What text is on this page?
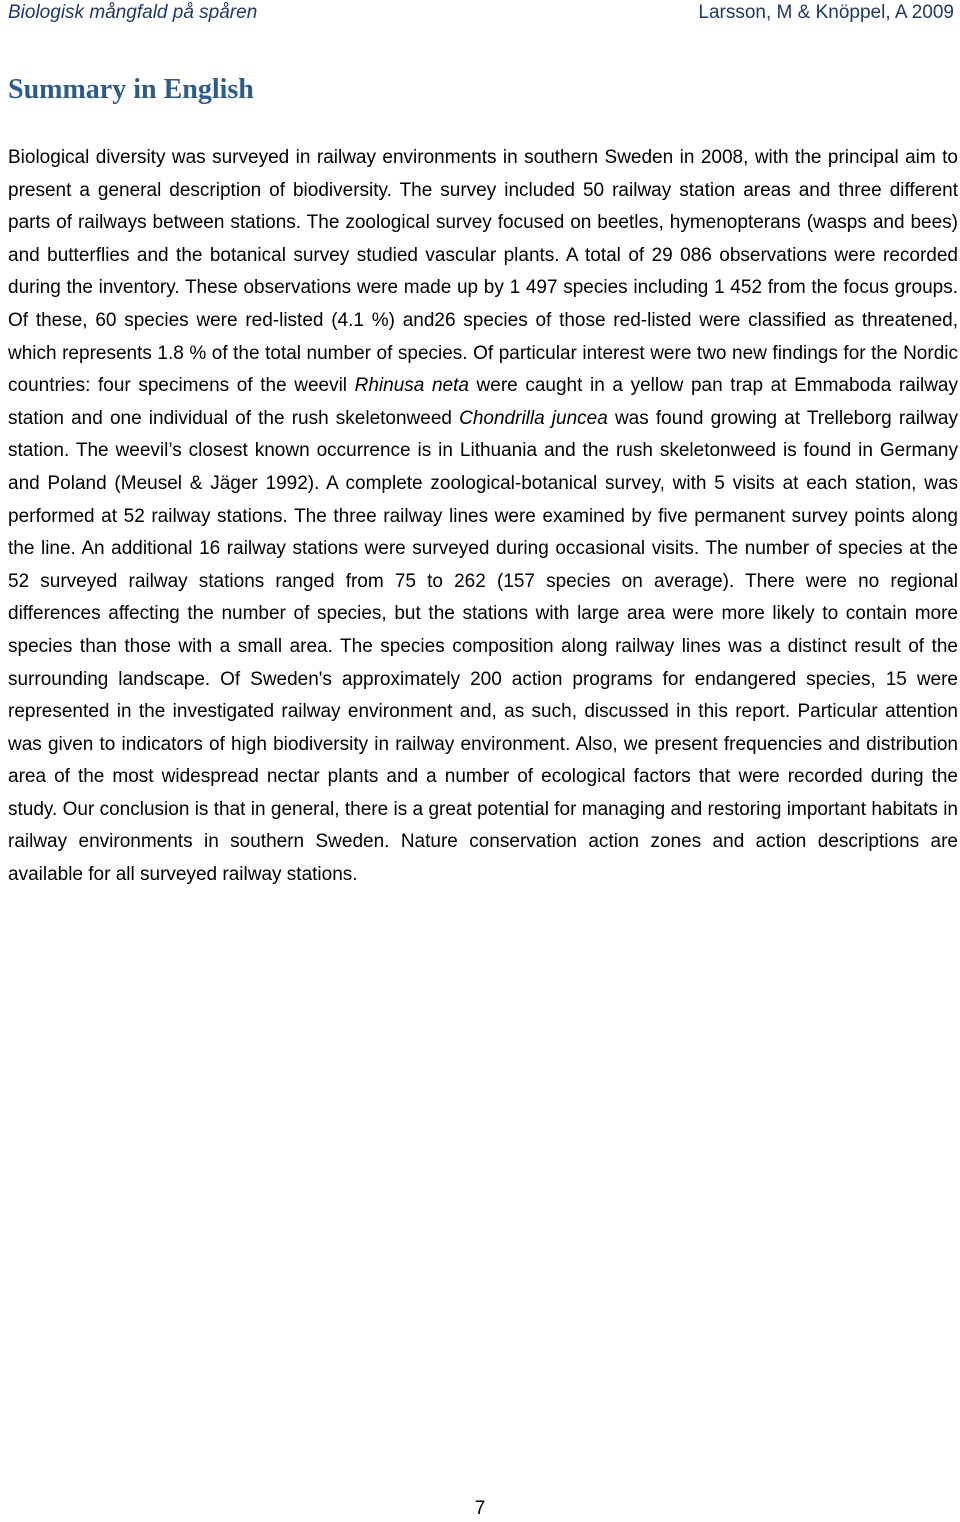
Biologisk mångfald på spåren	Larsson, M & Knöppel, A 2009
Summary in English

Biological diversity was surveyed in railway environments in southern Sweden in 2008, with the principal aim to present a general description of biodiversity. The survey included 50 railway station areas and three different parts of railways between stations. The zoological survey focused on beetles, hymenopterans (wasps and bees) and butterflies and the botanical survey studied vascular plants. A total of 29 086 observations were recorded during the inventory. These observations were made up by 1 497 species including 1 452 from the focus groups. Of these, 60 species were red-listed (4.1 %) and26 species of those red-listed were classified as threatened, which represents 1.8 % of the total number of species. Of particular interest were two new findings for the Nordic countries: four specimens of the weevil Rhinusa neta were caught in a yellow pan trap at Emmaboda railway station and one individual of the rush skeletonweed Chondrilla juncea was found growing at Trelleborg railway station. The weevil’s closest known occurrence is in Lithuania and the rush skeletonweed is found in Germany and Poland (Meusel & Jäger 1992). A complete zoological-botanical survey, with 5 visits at each station, was performed at 52 railway stations. The three railway lines were examined by five permanent survey points along the line. An additional 16 railway stations were surveyed during occasional visits. The number of species at the 52 surveyed railway stations ranged from 75 to 262 (157 species on average). There were no regional differences affecting the number of species, but the stations with large area were more likely to contain more species than those with a small area. The species composition along railway lines was a distinct result of the surrounding landscape. Of Sweden's approximately 200 action programs for endangered species, 15 were represented in the investigated railway environment and, as such, discussed in this report. Particular attention was given to indicators of high biodiversity in railway environment. Also, we present frequencies and distribution area of the most widespread nectar plants and a number of ecological factors that were recorded during the study. Our conclusion is that in general, there is a great potential for managing and restoring important habitats in railway environments in southern Sweden. Nature conservation action zones and action descriptions are available for all surveyed railway stations.

7
